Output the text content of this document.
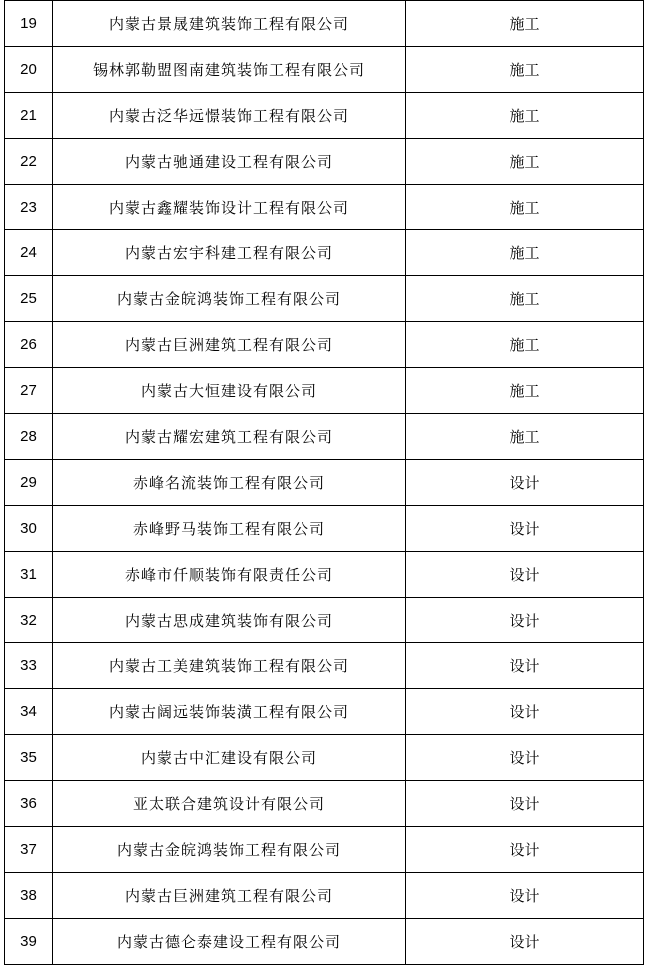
19	内蒙古景晟建筑装饰工程有限公司	施工
20	锡林郭勒盟图南建筑装饰工程有限公司	施工
21	内蒙古泛华远憬装饰工程有限公司	施工
22	内蒙古驰通建设工程有限公司	施工
23	内蒙古鑫耀装饰设计工程有限公司	施工
24	内蒙古宏宇科建工程有限公司	施工
25	内蒙古金皖鸿装饰工程有限公司	施工
26	内蒙古巨洲建筑工程有限公司	施工
27	内蒙古大恒建设有限公司	施工
28	内蒙古耀宏建筑工程有限公司	施工
29	赤峰名流装饰工程有限公司	设计
30	赤峰野马装饰工程有限公司	设计
31	赤峰市仟顺装饰有限责任公司	设计
32	内蒙古思成建筑装饰有限公司	设计
33	内蒙古工美建筑装饰工程有限公司	设计
34	内蒙古阔远装饰装潢工程有限公司	设计
35	内蒙古中汇建设有限公司	设计
36	亚太联合建筑设计有限公司	设计
37	内蒙古金皖鸿装饰工程有限公司	设计
38	内蒙古巨洲建筑工程有限公司	设计
39	内蒙古德仑泰建设工程有限公司	设计
